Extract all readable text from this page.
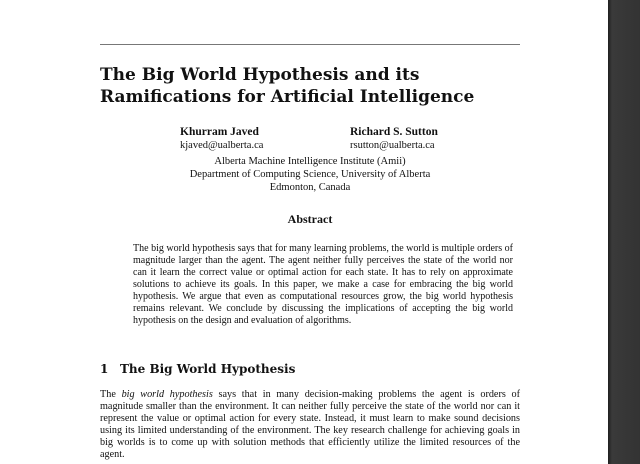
The Big World Hypothesis and its Ramifications for Artificial Intelligence
Khurram Javed
kjaved@ualberta.ca
Richard S. Sutton
rsutton@ualberta.ca
Alberta Machine Intelligence Institute (Amii)
Department of Computing Science, University of Alberta
Edmonton, Canada
Abstract
The big world hypothesis says that for many learning problems, the world is multiple orders of magnitude larger than the agent. The agent neither fully perceives the state of the world nor can it learn the correct value or optimal action for each state. It has to rely on approximate solutions to achieve its goals. In this paper, we make a case for embracing the big world hypothesis. We argue that even as computational resources grow, the big world hypothesis remains relevant. We conclude by discussing the implications of accepting the big world hypothesis on the design and evaluation of algorithms.
1 The Big World Hypothesis
The big world hypothesis says that in many decision-making problems the agent is orders of magnitude smaller than the environment. It can neither fully perceive the state of the world nor can it represent the value or optimal action for every state. Instead, it must learn to make sound decisions using its limited understanding of the environment. The key research challenge for achieving goals in big worlds is to come up with solution methods that efficiently utilize the limited resources of the agent.
